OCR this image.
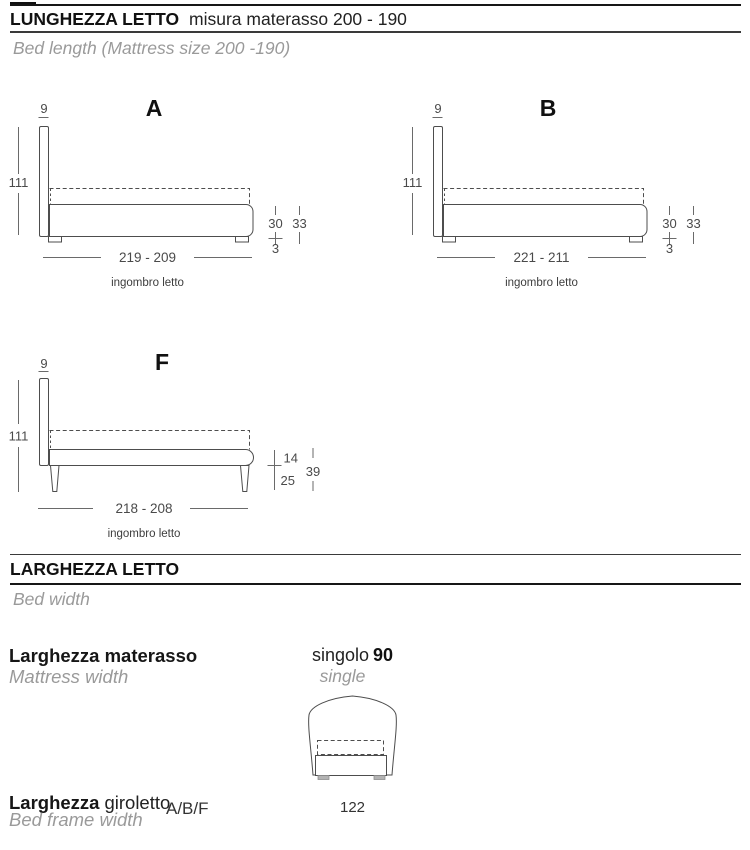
LUNGHEZZA LETTO misura materasso 200 - 190
Bed length (Mattress size 200 -190)
A
9
111
30
3
33
219 - 209
ingombro letto
B
9
111
30
3
33
221 - 211
ingombro letto
F
9
111
14
25
39
218 - 208
ingombro letto
LARGHEZZA LETTO
Bed width
Larghezza materasso
Mattress width
singolo 90
single
Larghezza giroletto
A/B/F
Bed frame width
122
